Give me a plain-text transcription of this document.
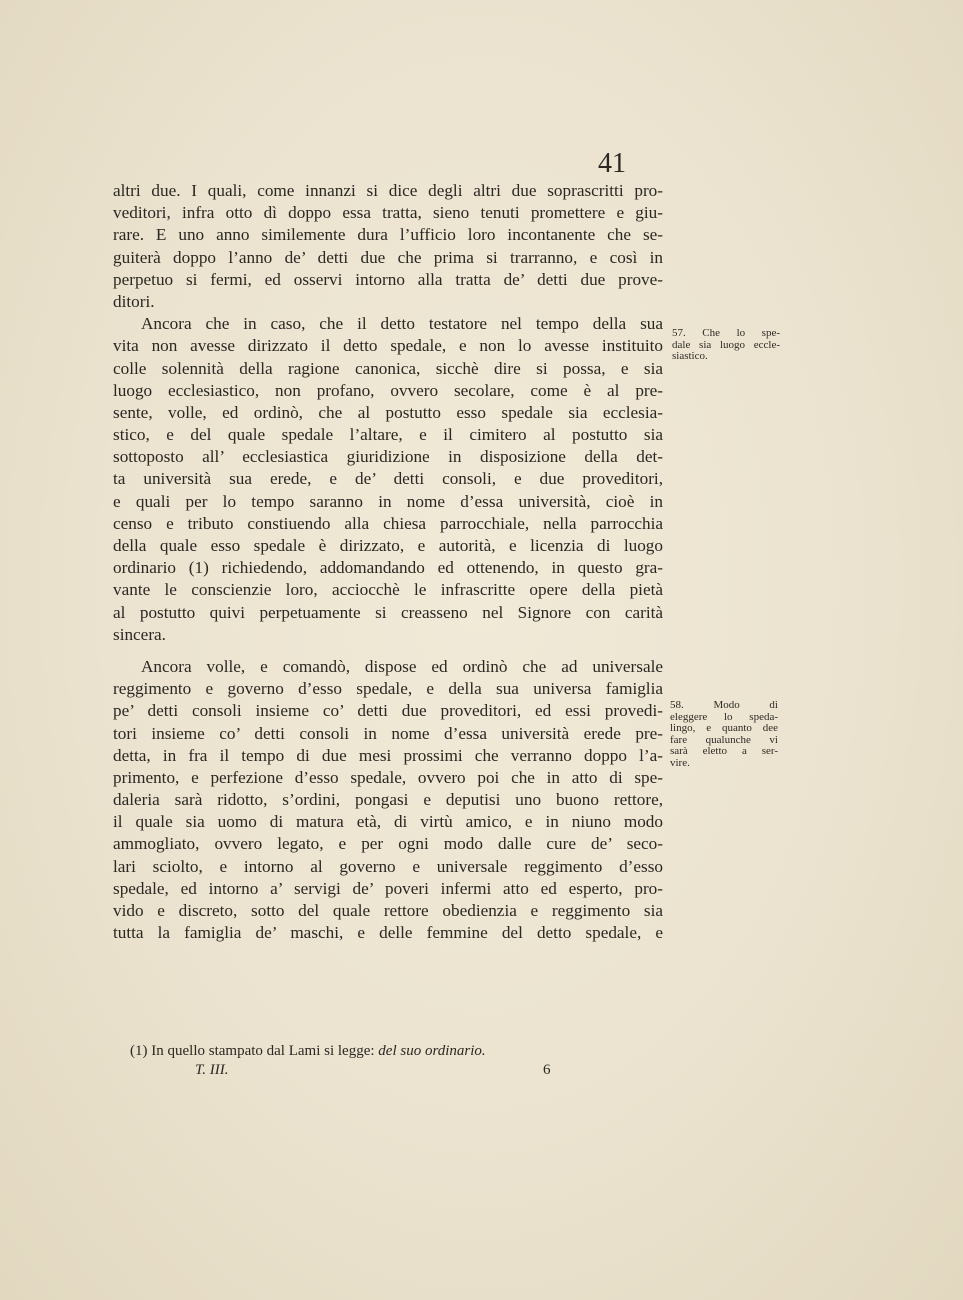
41
altri due. I quali, come innanzi si dice degli altri due soprascritti pro-
veditori, infra otto dì doppo essa tratta, sieno tenuti promettere e giu-
rare. E uno anno similemente dura l’ufficio loro incontanente che se-
guiterà doppo l’anno de’ detti due che prima si trarranno, e così in
perpetuo si fermi, ed osservi intorno alla tratta de’ detti due prove-
ditori.
Ancora che in caso, che il detto testatore nel tempo della sua
vita non avesse dirizzato il detto spedale, e non lo avesse instituito
colle solennità della ragione canonica, sicchè dire si possa, e sia
luogo ecclesiastico, non profano, ovvero secolare, come è al pre-
sente, volle, ed ordinò, che al postutto esso spedale sia ecclesia-
stico, e del quale spedale l’altare, e il cimitero al postutto sia
sottoposto all’ ecclesiastica giuridizione in disposizione della det-
ta università sua erede, e de’ detti consoli, e due proveditori,
e quali per lo tempo saranno in nome d’essa università, cioè in
censo e tributo constiuendo alla chiesa parrocchiale, nella parrocchia
della quale esso spedale è dirizzato, e autorità, e licenzia di luogo
ordinario (1) richiedendo, addomandando ed ottenendo, in questo gra-
vante le conscienzie loro, acciocchè le infrascritte opere della pietà
al postutto quivi perpetuamente si creasseno nel Signore con carità
sincera.
Ancora volle, e comandò, dispose ed ordinò che ad universale
reggimento e governo d’esso spedale, e della sua universa famiglia
pe’ detti consoli insieme co’ detti due proveditori, ed essi provedi-
tori insieme co’ detti consoli in nome d’essa università erede pre-
detta, in fra il tempo di due mesi prossimi che verranno doppo l’a-
primento, e perfezione d’esso spedale, ovvero poi che in atto di spe-
daleria sarà ridotto, s’ordini, pongasi e deputisi uno buono rettore,
il quale sia uomo di matura età, di virtù amico, e in niuno modo
ammogliato, ovvero legato, e per ogni modo dalle cure de’ seco-
lari sciolto, e intorno al governo e universale reggimento d’esso
spedale, ed intorno a’ servigi de’ poveri infermi atto ed esperto, pro-
vido e discreto, sotto del quale rettore obedienzia e reggimento sia
tutta la famiglia de’ maschi, e delle femmine del detto spedale, e
57. Che lo spe-
dale sia luogo eccle-
siastico.
58. Modo di
eleggere lo speda-
lingo, e quanto dee
fare qualunche vi
sarà eletto a ser-
vire.
(1) In quello stampato dal Lami si legge: del suo ordinario.
T. III.	6
